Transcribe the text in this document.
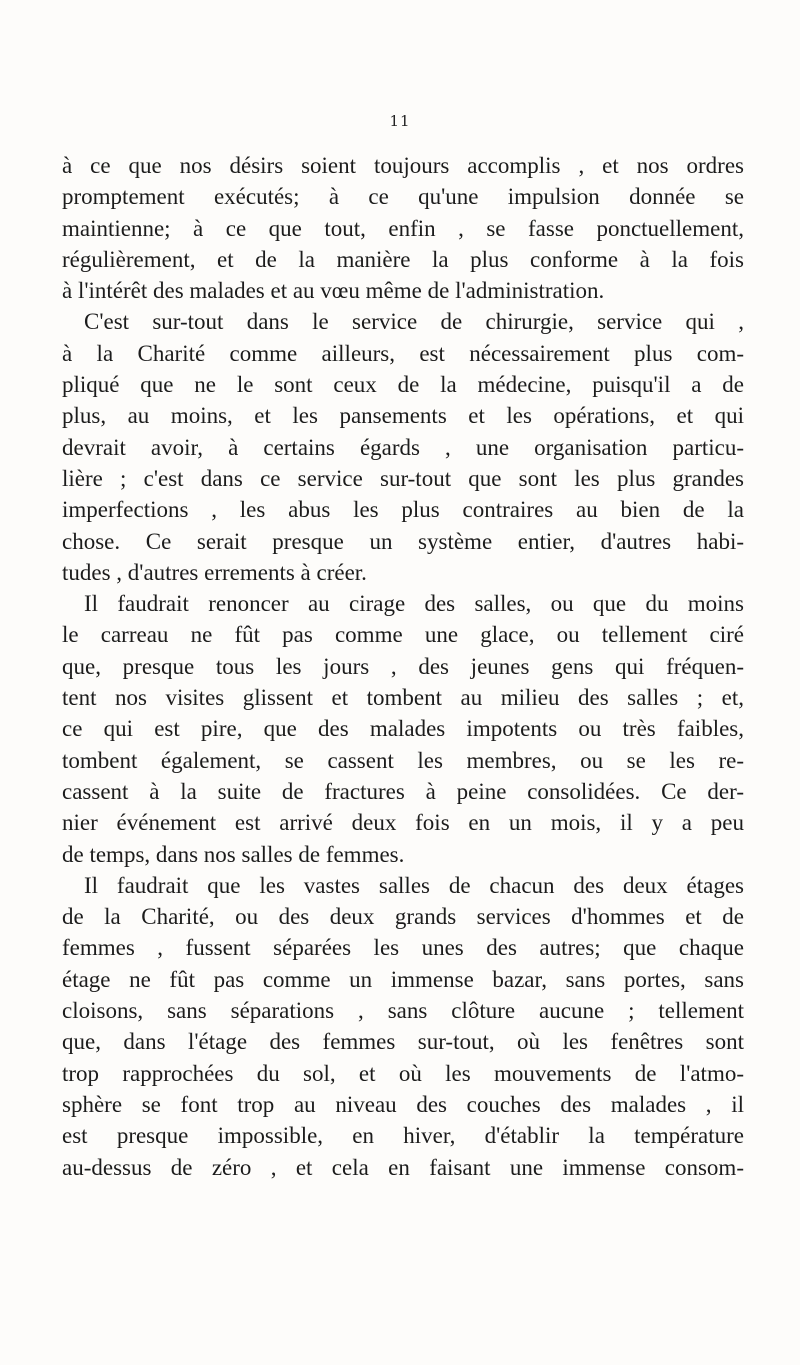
11
à ce que nos désirs soient toujours accomplis , et nos ordres
promptement exécutés; à ce qu'une impulsion donnée se
maintienne; à ce que tout, enfin , se fasse ponctuellement,
régulièrement, et de la manière la plus conforme à la fois
à l'intérêt des malades et au vœu même de l'administration.
C'est sur-tout dans le service de chirurgie, service qui ,
à la Charité comme ailleurs, est nécessairement plus com-
pliqué que ne le sont ceux de la médecine, puisqu'il a de
plus, au moins, et les pansements et les opérations, et qui
devrait avoir, à certains égards , une organisation particu-
lière ; c'est dans ce service sur-tout que sont les plus grandes
imperfections , les abus les plus contraires au bien de la
chose. Ce serait presque un système entier, d'autres habi-
tudes , d'autres errements à créer.
Il faudrait renoncer au cirage des salles, ou que du moins
le carreau ne fût pas comme une glace, ou tellement ciré
que, presque tous les jours , des jeunes gens qui fréquen-
tent nos visites glissent et tombent au milieu des salles ; et,
ce qui est pire, que des malades impotents ou très faibles,
tombent également, se cassent les membres, ou se les re-
cassent à la suite de fractures à peine consolidées. Ce der-
nier événement est arrivé deux fois en un mois, il y a peu
de temps, dans nos salles de femmes.
Il faudrait que les vastes salles de chacun des deux étages
de la Charité, ou des deux grands services d'hommes et de
femmes , fussent séparées les unes des autres; que chaque
étage ne fût pas comme un immense bazar, sans portes, sans
cloisons, sans séparations , sans clôture aucune ; tellement
que, dans l'étage des femmes sur-tout, où les fenêtres sont
trop rapprochées du sol, et où les mouvements de l'atmo-
sphère se font trop au niveau des couches des malades , il
est presque impossible, en hiver, d'établir la température
au-dessus de zéro , et cela en faisant une immense consom-
